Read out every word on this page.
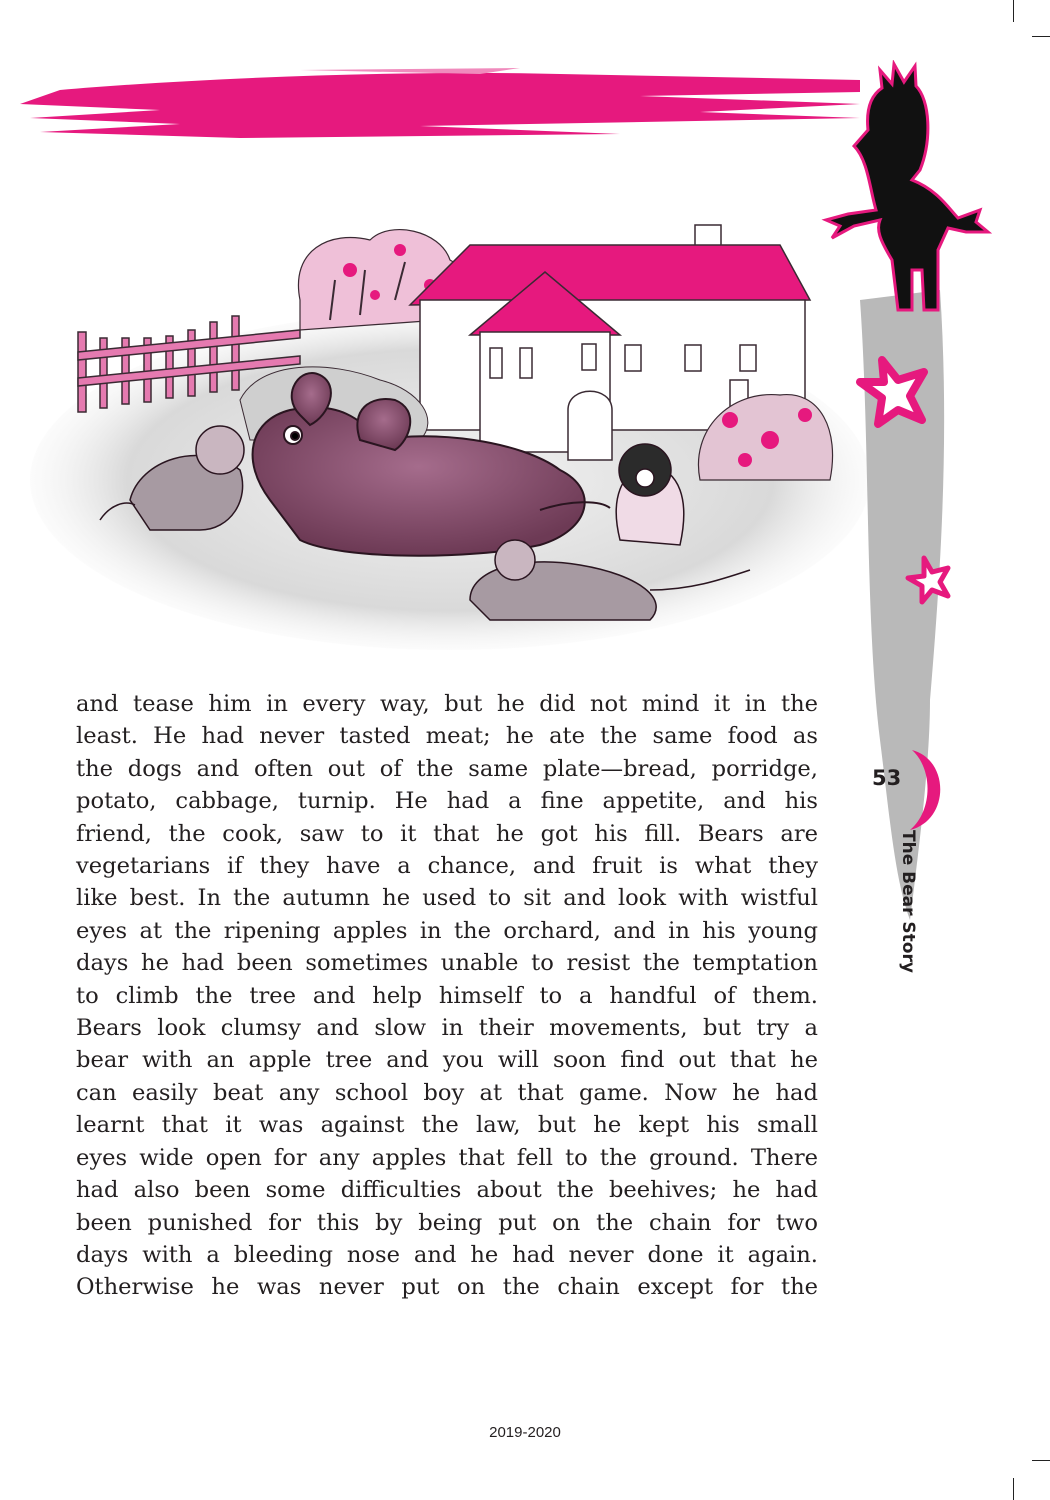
53
The Bear Story

and tease him in every way, but he did not mind it in the
least. He had never tasted meat; he ate the same food as
the dogs and often out of the same plate—bread, porridge,
potato, cabbage, turnip. He had a fine appetite, and his
friend, the cook, saw to it that he got his fill. Bears are
vegetarians if they have a chance, and fruit is what they
like best. In the autumn he used to sit and look with wistful
eyes at the ripening apples in the orchard, and in his young
days he had been sometimes unable to resist the temptation
to climb the tree and help himself to a handful of them.
Bears look clumsy and slow in their movements, but try a
bear with an apple tree and you will soon find out that he
can easily beat any school boy at that game. Now he had
learnt that it was against the law, but he kept his small
eyes wide open for any apples that fell to the ground. There
had also been some difficulties about the beehives; he had
been punished for this by being put on the chain for two
days with a bleeding nose and he had never done it again.
Otherwise he was never put on the chain except for the

2019-2020
